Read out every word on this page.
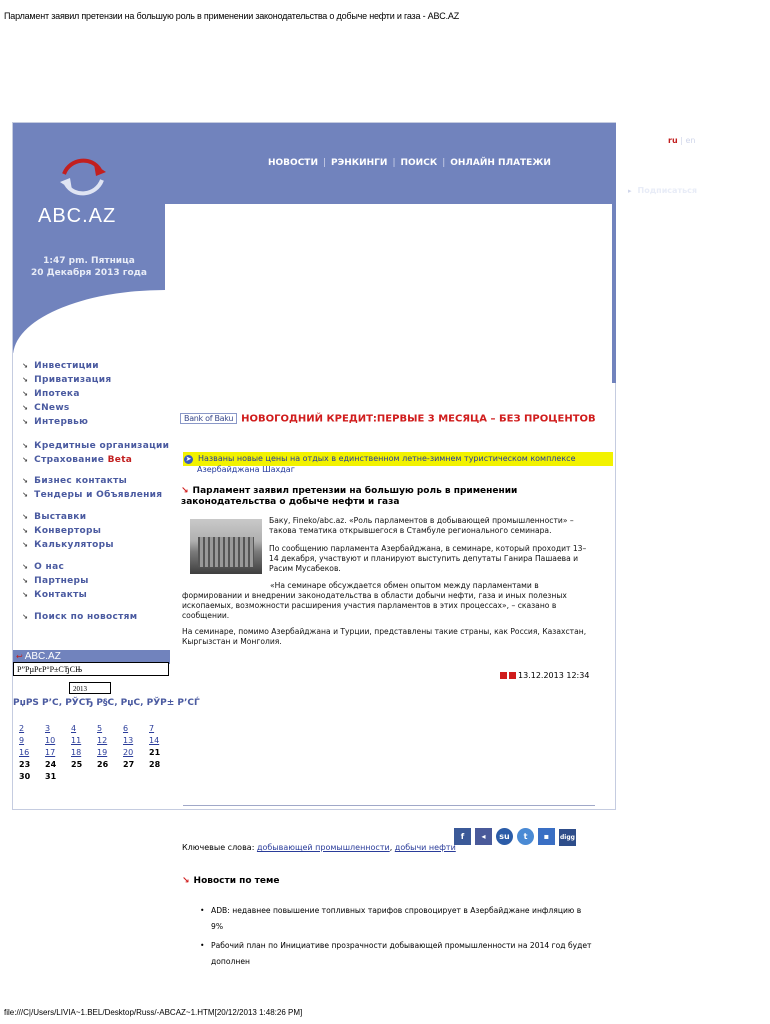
Парламент заявил претензии на большую роль в применении законодательства о добыче нефти и газа - ABC.AZ
ABC.AZ
1:47 pm. Пятница
20 Декабря 2013 года
ru | en
НОВОСТИ | РЭНКИНГИ | ПОИСК | ОНЛАЙН ПЛАТЕЖИ
▸ Подписаться
↘ Инвестиции
↘ Приватизация
↘ Ипотека
↘ CNews
↘ Интервью
↘ Кредитные организации
↘ Страхование Beta
↘ Бизнес контакты
↘ Тендеры и Объявления
↘ Выставки
↘ Конверторы
↘ Калькуляторы
↘ О нас
↘ Партнеры
↘ Контакты
↘ Поиск по новостям
↩ ABC.AZ
Р”РµРєР°Р±СЂСЊ
2013
РџРЅ Р’С‚ РЎСЂ Р§С‚ РџС‚ РЎР± Р’СЃ
2	3	4	5	6	7
9	10 11 12 13 14
16 17 18 19 20 21
23 24 25 26 27 28
30 31
Bank of Baku НОВОГОДНИЙ КРЕДИТ:ПЕРВЫЕ 3 МЕСЯЦА – БЕЗ ПРОЦЕНТОВ
➤ Названы новые цены на отдых в единственном летне-зимнем туристическом комплексе
Азербайджана Шахдаг
↘ Парламент заявил претензии на большую роль в применении законодательства о добыче нефти и газа
Баку, Fineko/abc.az. «Роль парламентов в добывающей промышленности» – такова тематика открывшегося в Стамбуле регионального семинара.
По сообщению парламента Азербайджана, в семинаре, который проходит 13–14 декабря, участвуют и планируют выступить депутаты Ганира Пашаева и Расим Мусабеков.
«На семинаре обсуждается обмен опытом между парламентами в формировании и внедрении законодательства в области добычи нефти, газа и иных полезных ископаемых, возможности расширения участия парламентов в этих процессах», – сказано в сообщении.
На семинаре, помимо Азербайджана и Турции, представлены такие страны, как Россия, Казахстан, Кыргызстан и Монголия.
13.12.2013 12:34
f ◂ su t ▪ digg
Ключевые слова: добывающей промышленности, добычи нефти
↘ Новости по теме
• ADB: недавнее повышение топливных тарифов спровоцирует в Азербайджане инфляцию в 9%
• Рабочий план по Инициативе прозрачности добывающей промышленности на 2014 год будет дополнен
file:///C|/Users/LIVIA~1.BEL/Desktop/Russ/-ABCAZ~1.HTM[20/12/2013 1:48:26 PM]
